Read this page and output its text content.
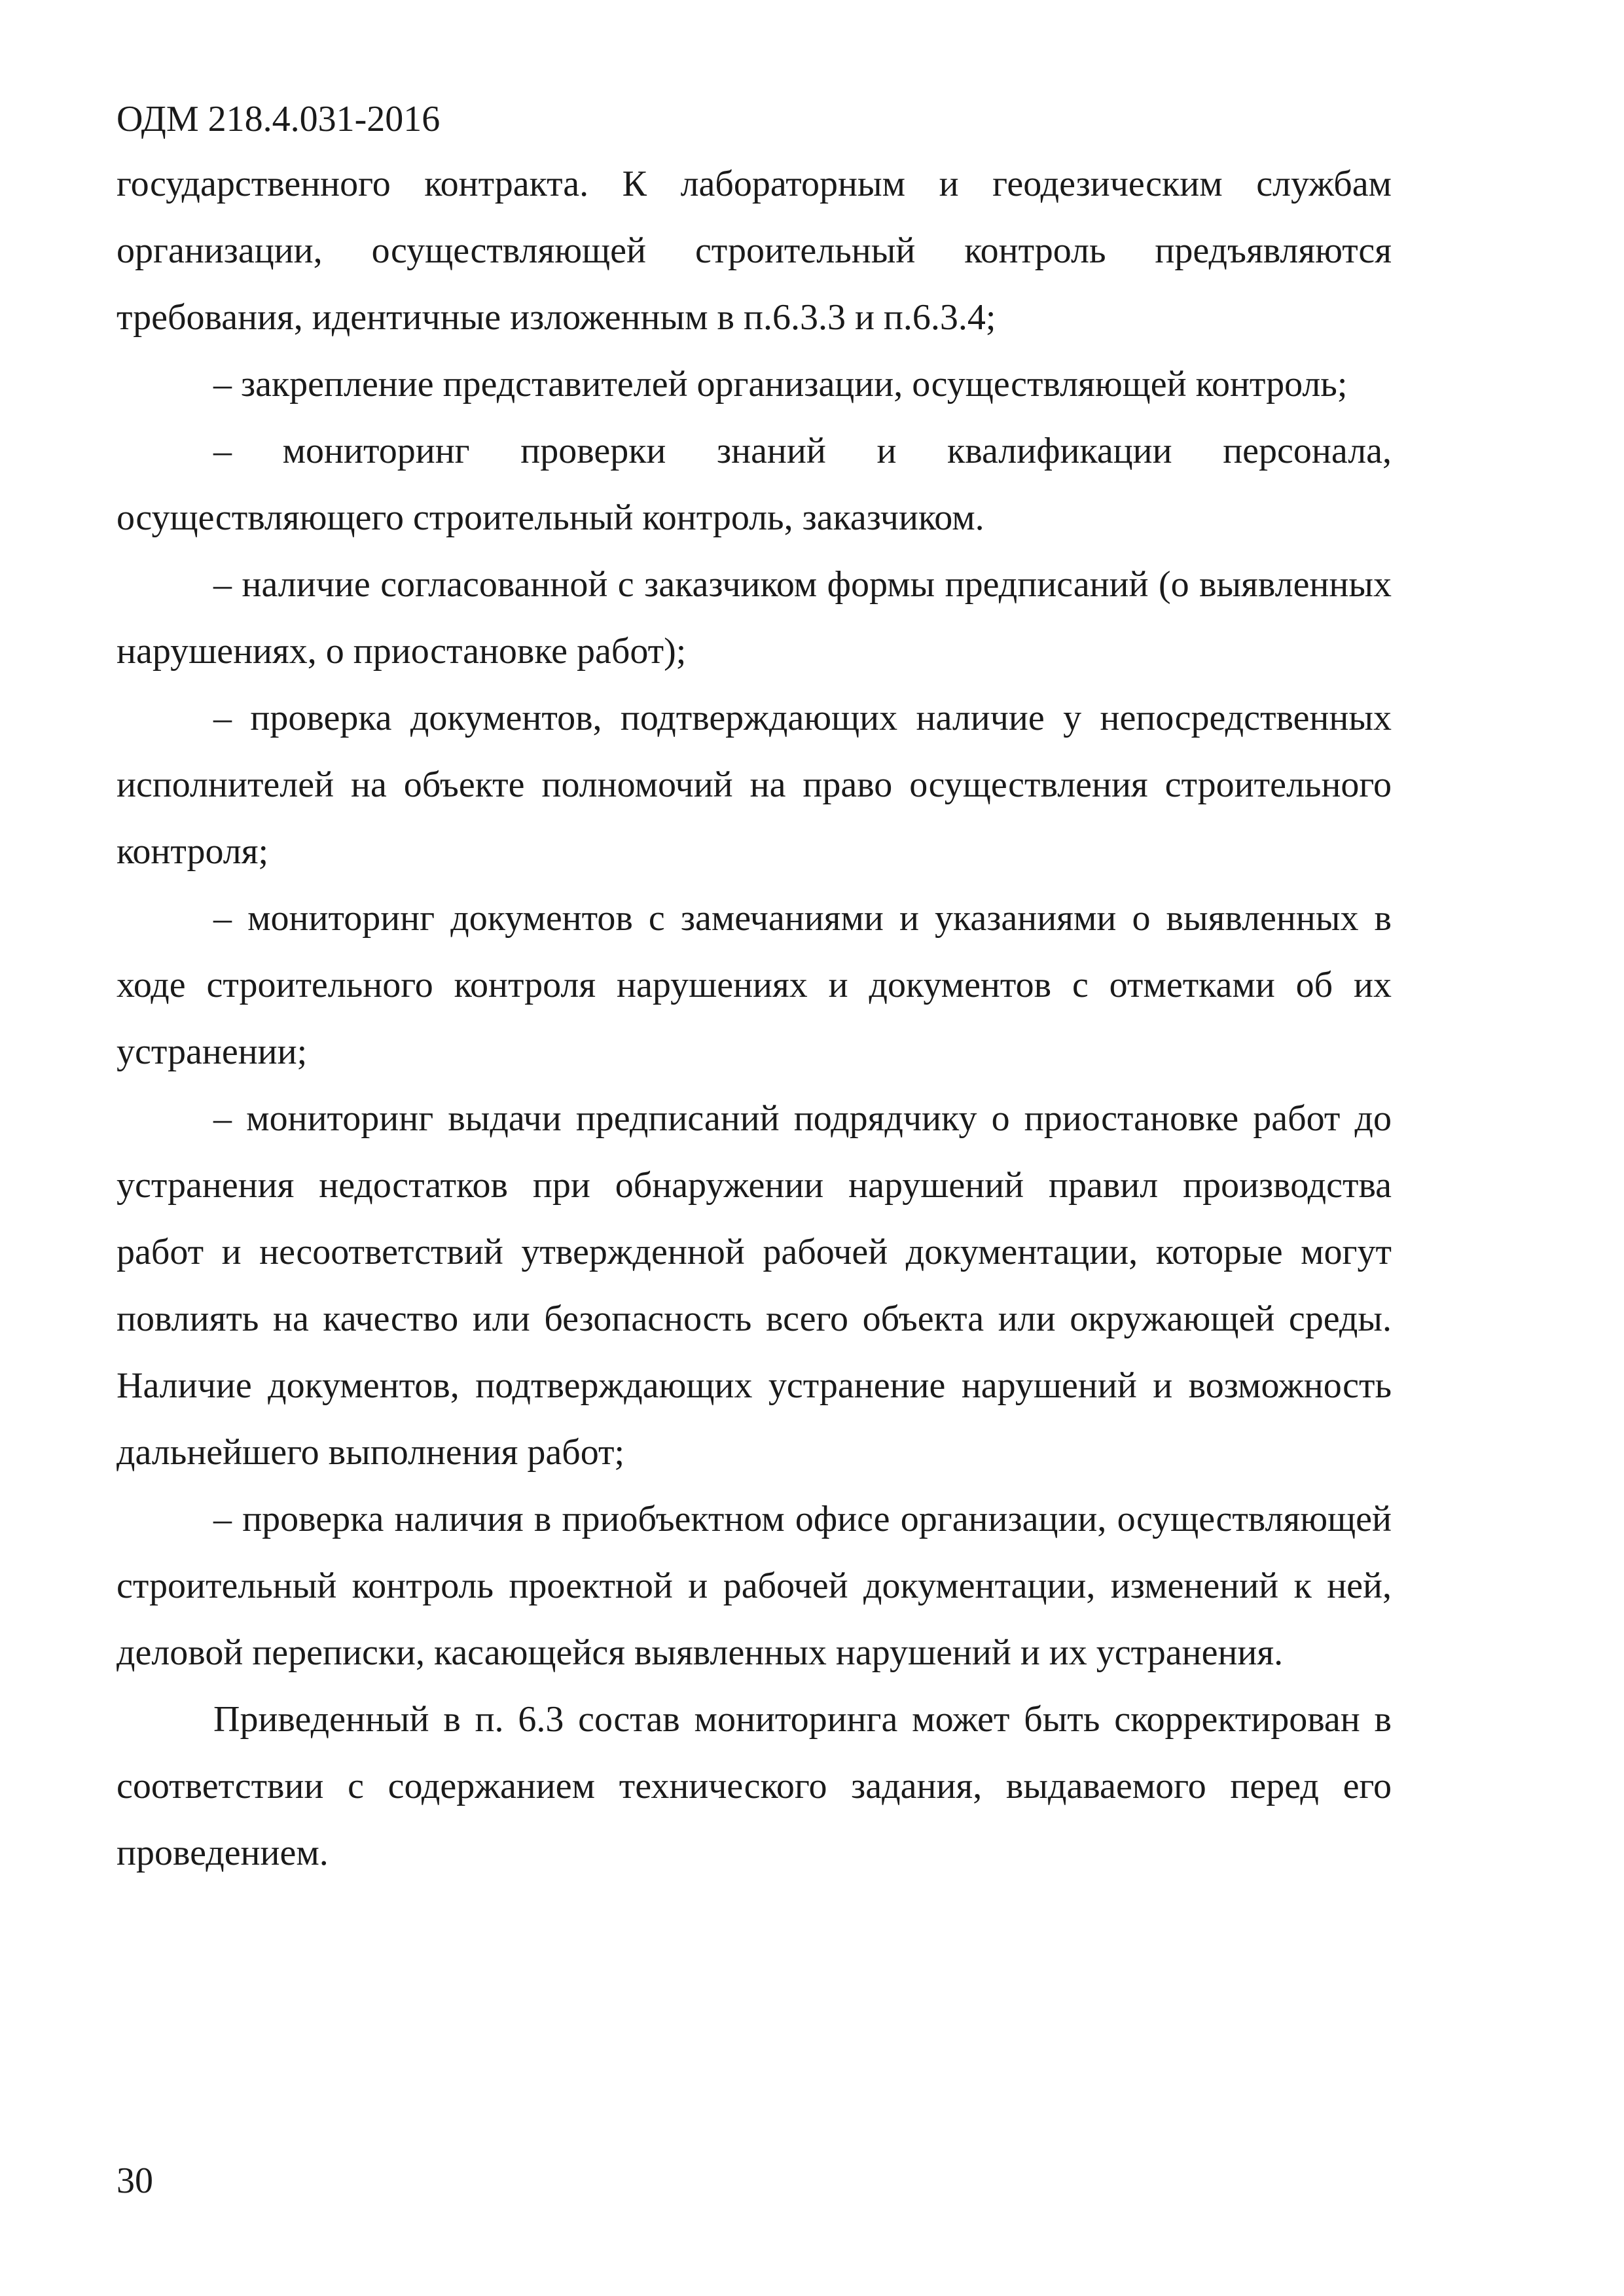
ОДМ 218.4.031-2016

государственного контракта. К лабораторным и геодезическим службам организации, осуществляющей строительный контроль предъявляются требования, идентичные изложенным в п.6.3.3 и п.6.3.4;

– закрепление представителей организации, осуществляющей контроль;

– мониторинг проверки знаний и квалификации персонала, осуществляющего строительный контроль, заказчиком.

– наличие согласованной с заказчиком формы предписаний (о выявленных нарушениях, о приостановке работ);

– проверка документов, подтверждающих наличие у непосредственных исполнителей на объекте полномочий на право осуществления строительного контроля;

– мониторинг документов с замечаниями и указаниями о выявленных в ходе строительного контроля нарушениях и документов с отметками об их устранении;

– мониторинг выдачи предписаний подрядчику о приостановке работ до устранения недостатков при обнаружении нарушений правил производства работ и несоответствий утвержденной рабочей документации, которые могут повлиять на качество или безопасность всего объекта или окружающей среды. Наличие документов, подтверждающих устранение нарушений и возможность дальнейшего выполнения работ;

– проверка наличия в приобъектном офисе организации, осуществляющей строительный контроль проектной и рабочей документации, изменений к ней, деловой переписки, касающейся выявленных нарушений и их устранения.

Приведенный в п. 6.3 состав мониторинга может быть скорректирован в соответствии с содержанием технического задания, выдаваемого перед его проведением.

30
